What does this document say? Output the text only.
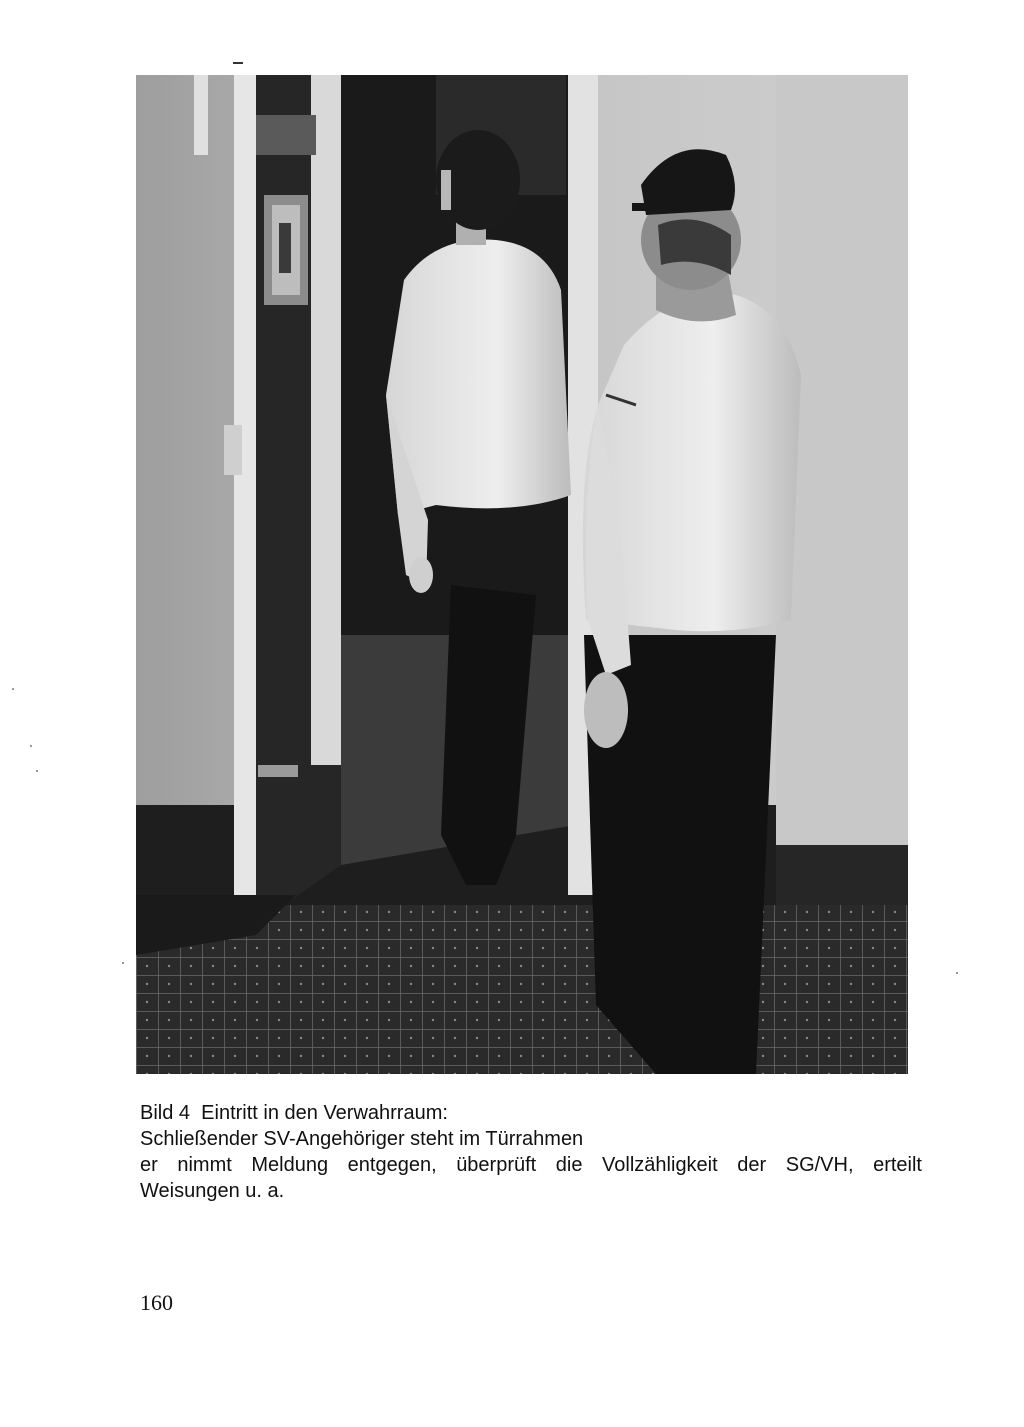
Bild 4 Eintritt in den Verwahrraum:
Schließender SV-Angehöriger steht im Türrahmen
er nimmt Meldung entgegen, überprüft die Vollzähligkeit der SG/VH, erteilt
Weisungen u. a.
160
